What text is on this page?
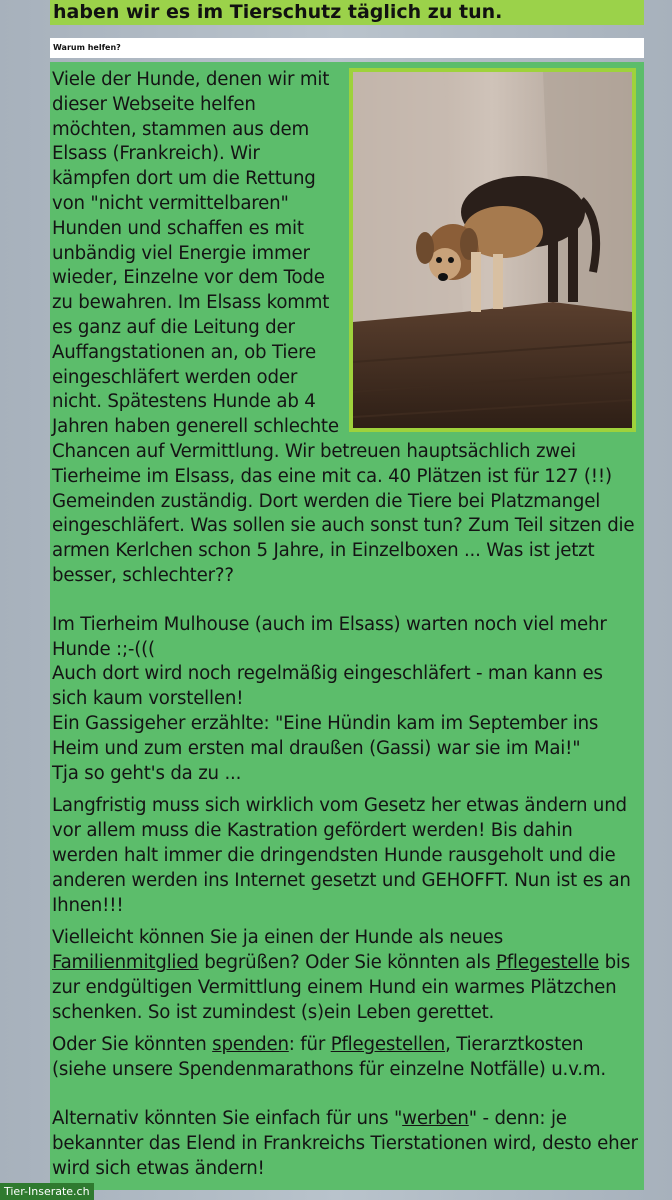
haben wir es im Tierschutz täglich zu tun.
Warum helfen?

Viele der Hunde, denen wir mit dieser Webseite helfen möchten, stammen aus dem Elsass (Frankreich). Wir kämpfen dort um die Rettung von "nicht vermittelbaren" Hunden und schaffen es mit unbändig viel Energie immer wieder, Einzelne vor dem Tode zu bewahren. Im Elsass kommt es ganz auf die Leitung der Auffangstationen an, ob Tiere eingeschläfert werden oder nicht. Spätestens Hunde ab 4 Jahren haben generell schlechte Chancen auf Vermittlung. Wir betreuen hauptsächlich zwei Tierheime im Elsass, das eine mit ca. 40 Plätzen ist für 127 (!!) Gemeinden zuständig. Dort werden die Tiere bei Platzmangel eingeschläfert. Was sollen sie auch sonst tun? Zum Teil sitzen die armen Kerlchen schon 5 Jahre, in Einzelboxen ... Was ist jetzt besser, schlechter??

Im Tierheim Mulhouse (auch im Elsass) warten noch viel mehr Hunde :;-(((
Auch dort wird noch regelmäßig eingeschläfert - man kann es sich kaum vorstellen!
Ein Gassigeher erzählte: "Eine Hündin kam im September ins Heim und zum ersten mal draußen (Gassi) war sie im Mai!"
Tja so geht's da zu ...

Langfristig muss sich wirklich vom Gesetz her etwas ändern und vor allem muss die Kastration gefördert werden! Bis dahin werden halt immer die dringendsten Hunde rausgeholt und die anderen werden ins Internet gesetzt und GEHOFFT. Nun ist es an Ihnen!!!

Vielleicht können Sie ja einen der Hunde als neues Familienmitglied begrüßen? Oder Sie könnten als Pflegestelle bis zur endgültigen Vermittlung einem Hund ein warmes Plätzchen schenken. So ist zumindest (s)ein Leben gerettet.

Oder Sie könnten spenden: für Pflegestellen, Tierarztkosten (siehe unsere Spendenmarathons für einzelne Notfälle) u.v.m.

Alternativ könnten Sie einfach für uns "werben" - denn: je bekannter das Elend in Frankreichs Tierstationen wird, desto eher wird sich etwas ändern!

Tier-Inserate.ch
